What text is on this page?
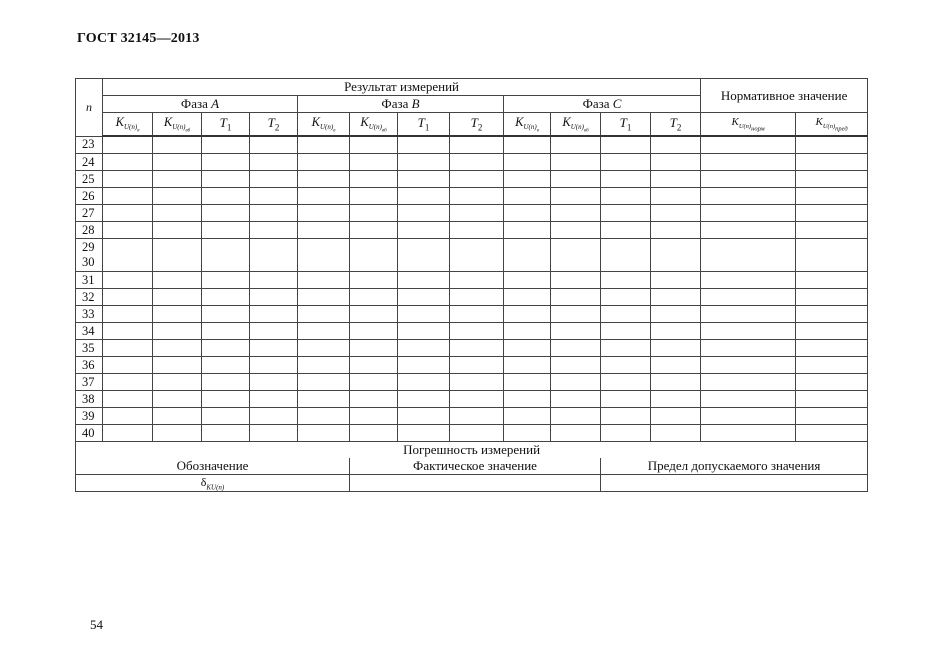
ГОСТ 32145—2013
n	Результат измерений												Нормативное значение	
	Фаза A				Фаза B				Фаза C					
	$K_{U(n)_в}$	$K_{U(n)_{вб}}$	$T_1$	$T_2$	$K_{U(n)_в}$	$K_{U(n)_{вб}}$	$T_1$	$T_2$	$K_{U(n)_в}$	$K_{U(n)_{вб}}$	$T_1$	$T_2$	$K_{U(n)_{норм}}$	$K_{U(n)_{пред}}$
23														
24														
25														
26														
27														
28														
29
30														
31														
32														
33														
34														
35														
36														
37														
38														
39														
40														
Погрешность измерений														
Обозначение						Фактическое значение					Предел допускаемого значения			
$\delta_{KU(n)}$		
54
